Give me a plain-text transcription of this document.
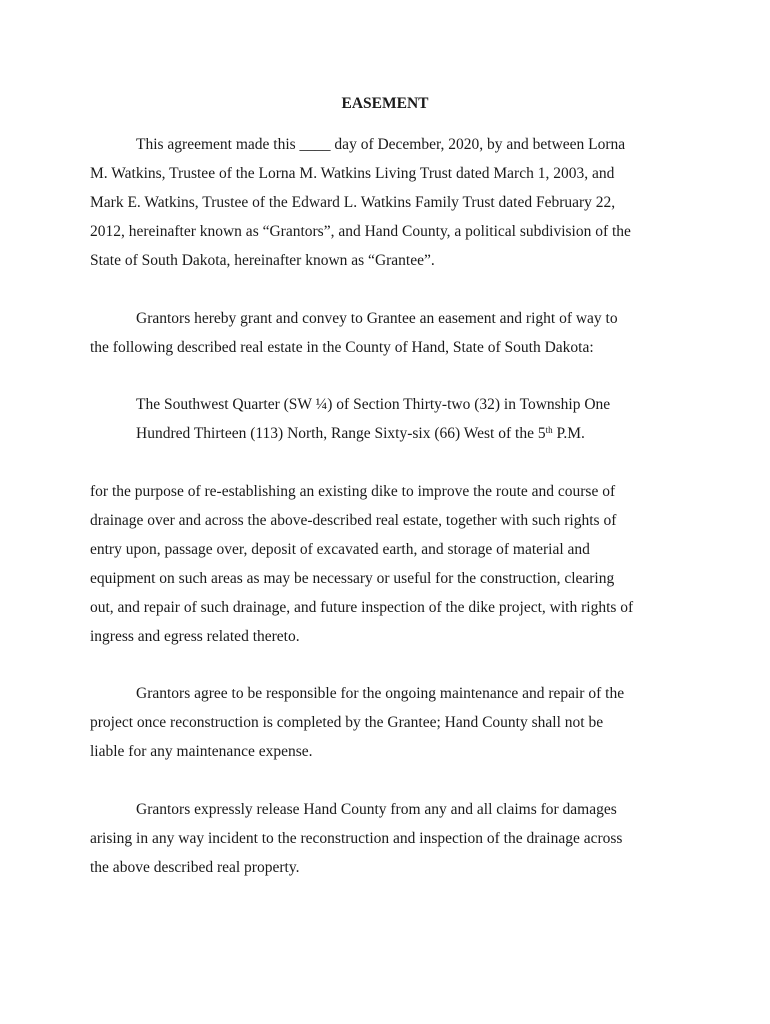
EASEMENT

This agreement made this ____ day of December, 2020, by and between Lorna
M. Watkins, Trustee of the Lorna M. Watkins Living Trust dated March 1, 2003, and
Mark E. Watkins, Trustee of the Edward L. Watkins Family Trust dated February 22,
2012, hereinafter known as “Grantors”, and Hand County, a political subdivision of the
State of South Dakota, hereinafter known as “Grantee”.

Grantors hereby grant and convey to Grantee an easement and right of way to
the following described real estate in the County of Hand, State of South Dakota:

The Southwest Quarter (SW ¼) of Section Thirty-two (32) in Township One
Hundred Thirteen (113) North, Range Sixty-six (66) West of the 5th P.M.

for the purpose of re-establishing an existing dike to improve the route and course of
drainage over and across the above-described real estate, together with such rights of
entry upon, passage over, deposit of excavated earth, and storage of material and
equipment on such areas as may be necessary or useful for the construction, clearing
out, and repair of such drainage, and future inspection of the dike project, with rights of
ingress and egress related thereto.

Grantors agree to be responsible for the ongoing maintenance and repair of the
project once reconstruction is completed by the Grantee; Hand County shall not be
liable for any maintenance expense.

Grantors expressly release Hand County from any and all claims for damages
arising in any way incident to the reconstruction and inspection of the drainage across
the above described real property.
